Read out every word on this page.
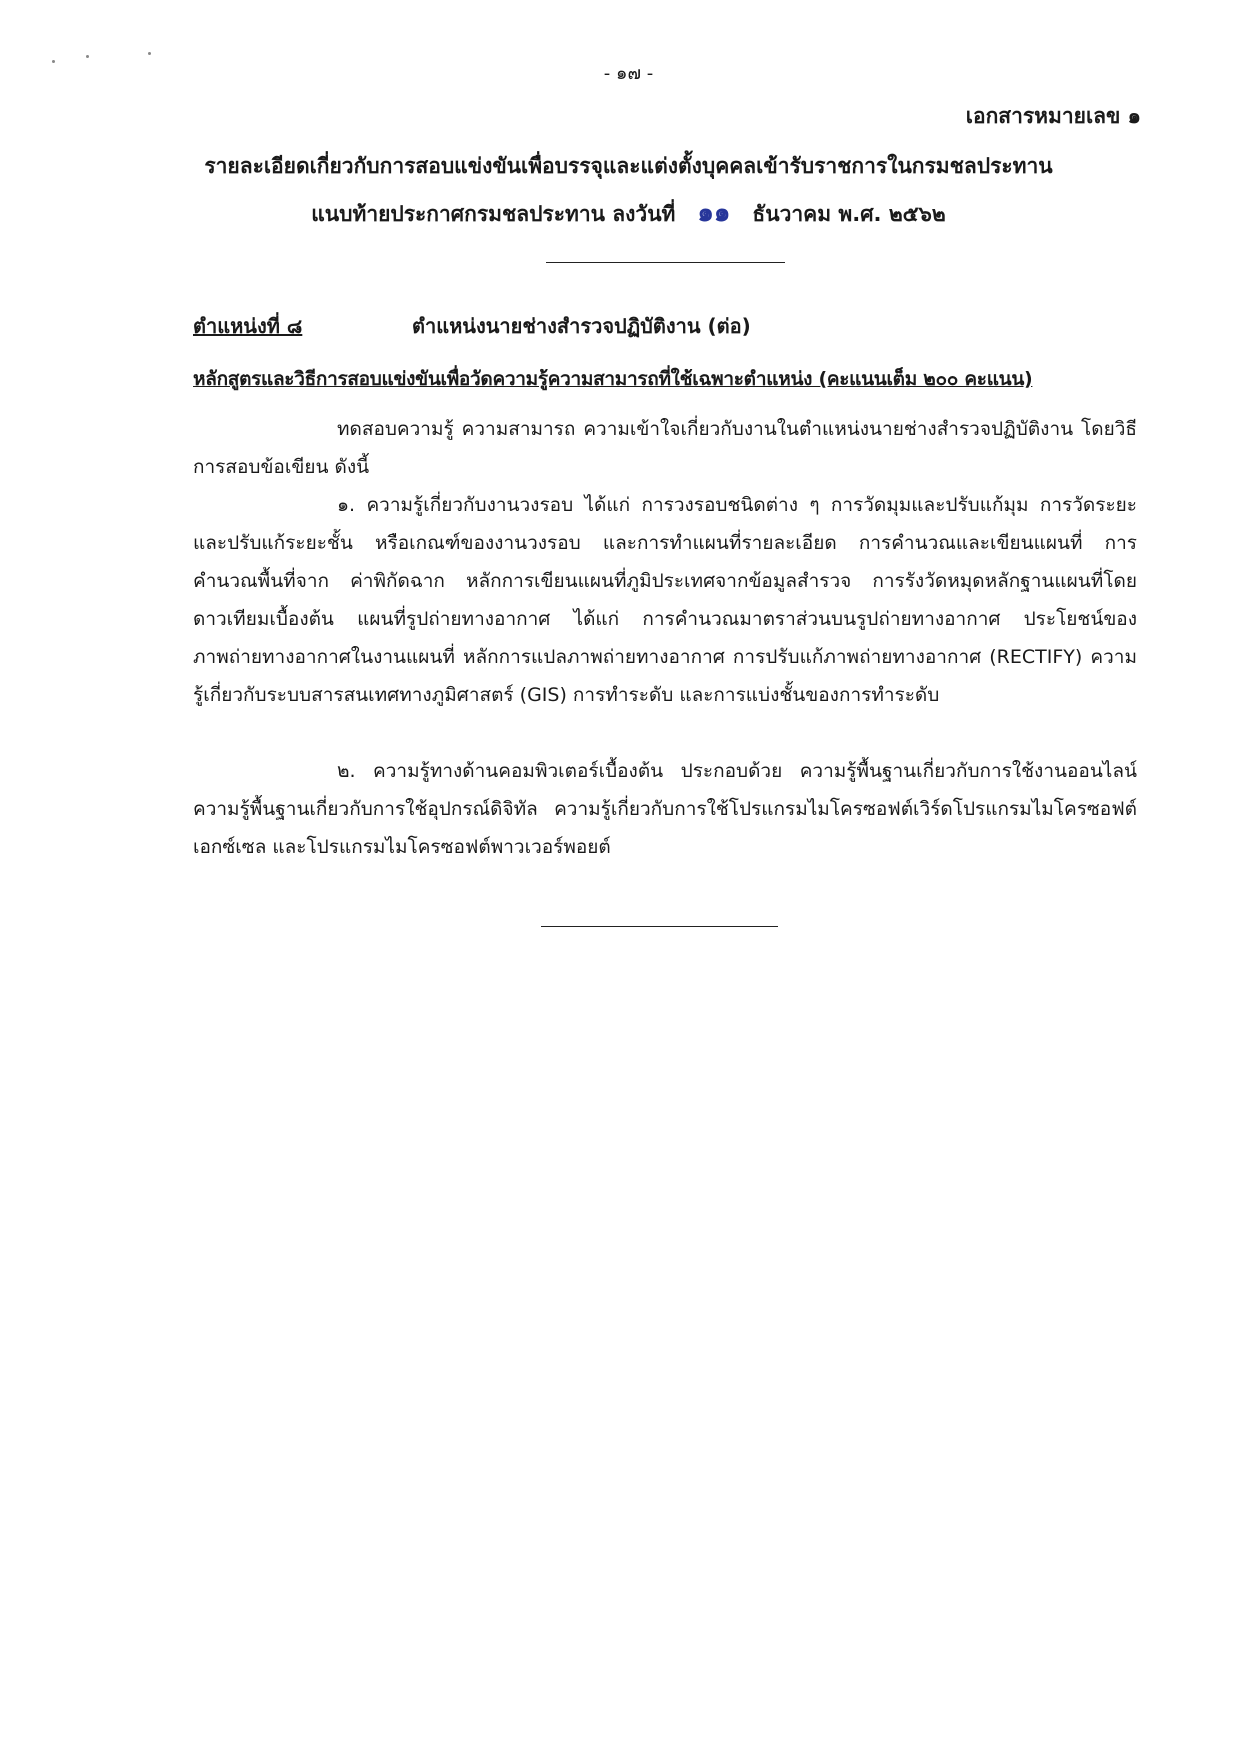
- ๑๗ -
เอกสารหมายเลข ๑
รายละเอียดเกี่ยวกับการสอบแข่งขันเพื่อบรรจุและแต่งตั้งบุคคลเข้ารับราชการในกรมชลประทาน
แนบท้ายประกาศกรมชลประทาน ลงวันที่ ๑๑ ธันวาคม พ.ศ. ๒๕๖๒
ตำแหน่งที่ ๘	ตำแหน่งนายช่างสำรวจปฏิบัติงาน (ต่อ)
หลักสูตรและวิธีการสอบแข่งขันเพื่อวัดความรู้ความสามารถที่ใช้เฉพาะตำแหน่ง (คะแนนเต็ม ๒๐๐ คะแนน)

ทดสอบความรู้ ความสามารถ ความเข้าใจเกี่ยวกับงานในตำแหน่งนายช่างสำรวจปฏิบัติงาน โดยวิธีการสอบข้อเขียน ดังนี้

๑. ความรู้เกี่ยวกับงานวงรอบ ได้แก่ การวงรอบชนิดต่าง ๆ การวัดมุมและปรับแก้มุม การวัดระยะและปรับแก้ระยะชั้น หรือเกณฑ์ของงานวงรอบ และการทำแผนที่รายละเอียด การคำนวณและเขียนแผนที่ การคำนวณพื้นที่จาก ค่าพิกัดฉาก หลักการเขียนแผนที่ภูมิประเทศจากข้อมูลสำรวจ การรังวัดหมุดหลักฐานแผนที่โดยดาวเทียมเบื้องต้น แผนที่รูปถ่ายทางอากาศ ได้แก่ การคำนวณมาตราส่วนบนรูปถ่ายทางอากาศ ประโยชน์ของภาพถ่ายทางอากาศในงานแผนที่ หลักการแปลภาพถ่ายทางอากาศ การปรับแก้ภาพถ่ายทางอากาศ (RECTIFY) ความรู้เกี่ยวกับระบบสารสนเทศทางภูมิศาสตร์ (GIS) การทำระดับ และการแบ่งชั้นของการทำระดับ

๒. ความรู้ทางด้านคอมพิวเตอร์เบื้องต้น ประกอบด้วย ความรู้พื้นฐานเกี่ยวกับการใช้งานออนไลน์ ความรู้พื้นฐานเกี่ยวกับการใช้อุปกรณ์ดิจิทัล ความรู้เกี่ยวกับการใช้โปรแกรมไมโครซอฟต์เวิร์ดโปรแกรมไมโครซอฟต์เอกซ์เซล และโปรแกรมไมโครซอฟต์พาวเวอร์พอยต์
